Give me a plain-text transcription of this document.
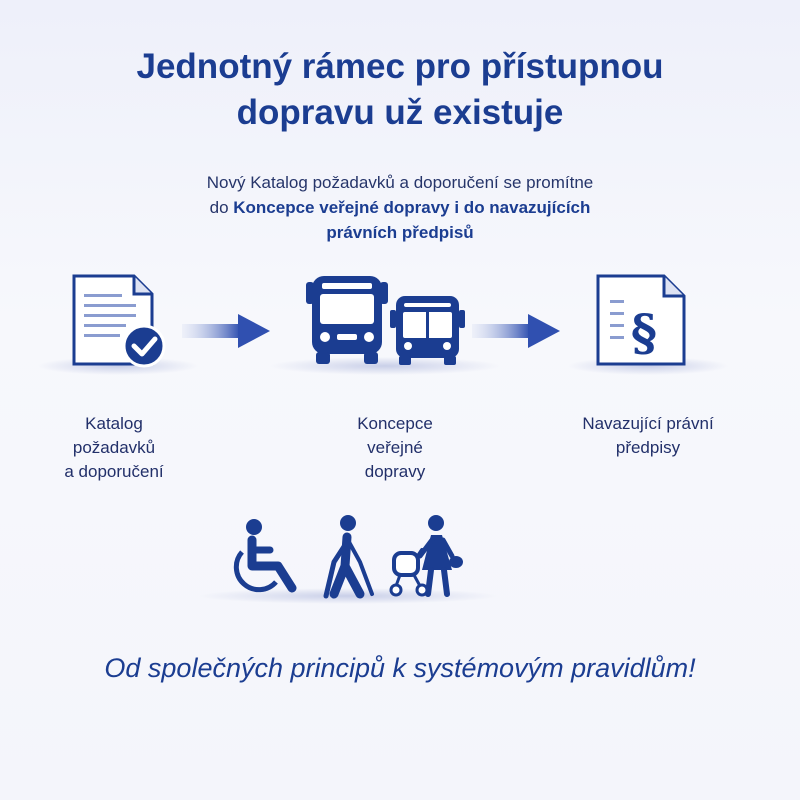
Jednotný rámec pro přístupnou
dopravu už existuje
Nový Katalog požadavků a doporučení se promítne
do Koncepce veřejné dopravy i do navazujících
právních předpisů
§
Katalog
požadavků
a doporučení
Koncepce
veřejné
dopravy
Navazující právní
předpisy
Od společných principů k systémovým pravidlům!
